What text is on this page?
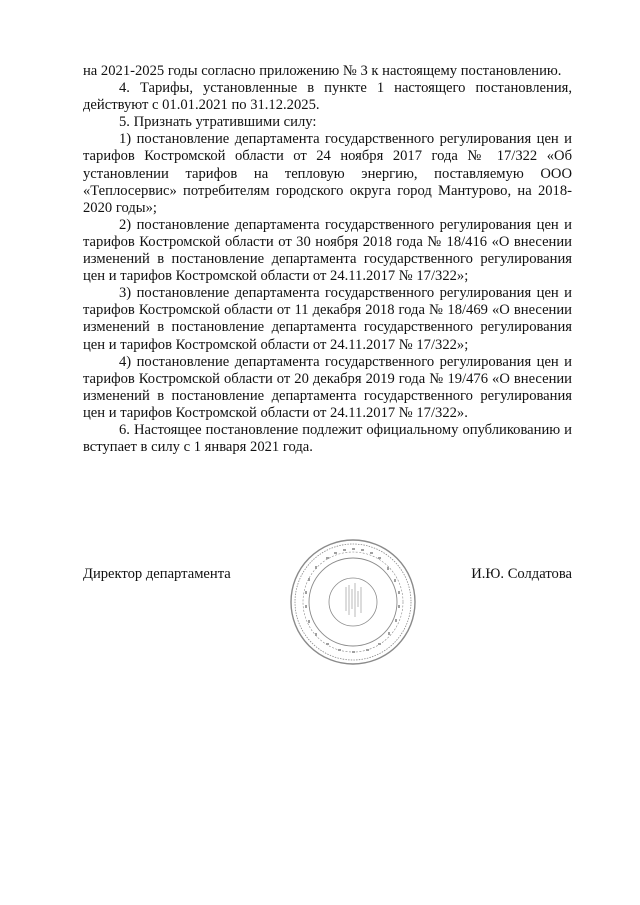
на 2021-2025 годы согласно приложению № 3 к настоящему постановлению.

4. Тарифы, установленные в пункте 1 настоящего постановления, действуют с 01.01.2021 по 31.12.2025.

5. Признать утратившими силу:

1) постановление департамента государственного регулирования цен и тарифов Костромской области от 24 ноября 2017 года № 17/322 «Об установлении тарифов на тепловую энергию, поставляемую ООО «Теплосервис» потребителям городского округа город Мантурово, на 2018-2020 годы»;

2) постановление департамента государственного регулирования цен и тарифов Костромской области от 30 ноября 2018 года № 18/416 «О внесении изменений в постановление департамента государственного регулирования цен и тарифов Костромской области от 24.11.2017 № 17/322»;

3) постановление департамента государственного регулирования цен и тарифов Костромской области от 11 декабря 2018 года № 18/469 «О внесении изменений в постановление департамента государственного регулирования цен и тарифов Костромской области от 24.11.2017 № 17/322»;

4) постановление департамента государственного регулирования цен и тарифов Костромской области от 20 декабря 2019 года № 19/476 «О внесении изменений в постановление департамента государственного регулирования цен и тарифов Костромской области от 24.11.2017 № 17/322».

6. Настоящее постановление подлежит официальному опубликованию и вступает в силу с 1 января 2021 года.

Директор департамента	И.Ю. Солдатова
